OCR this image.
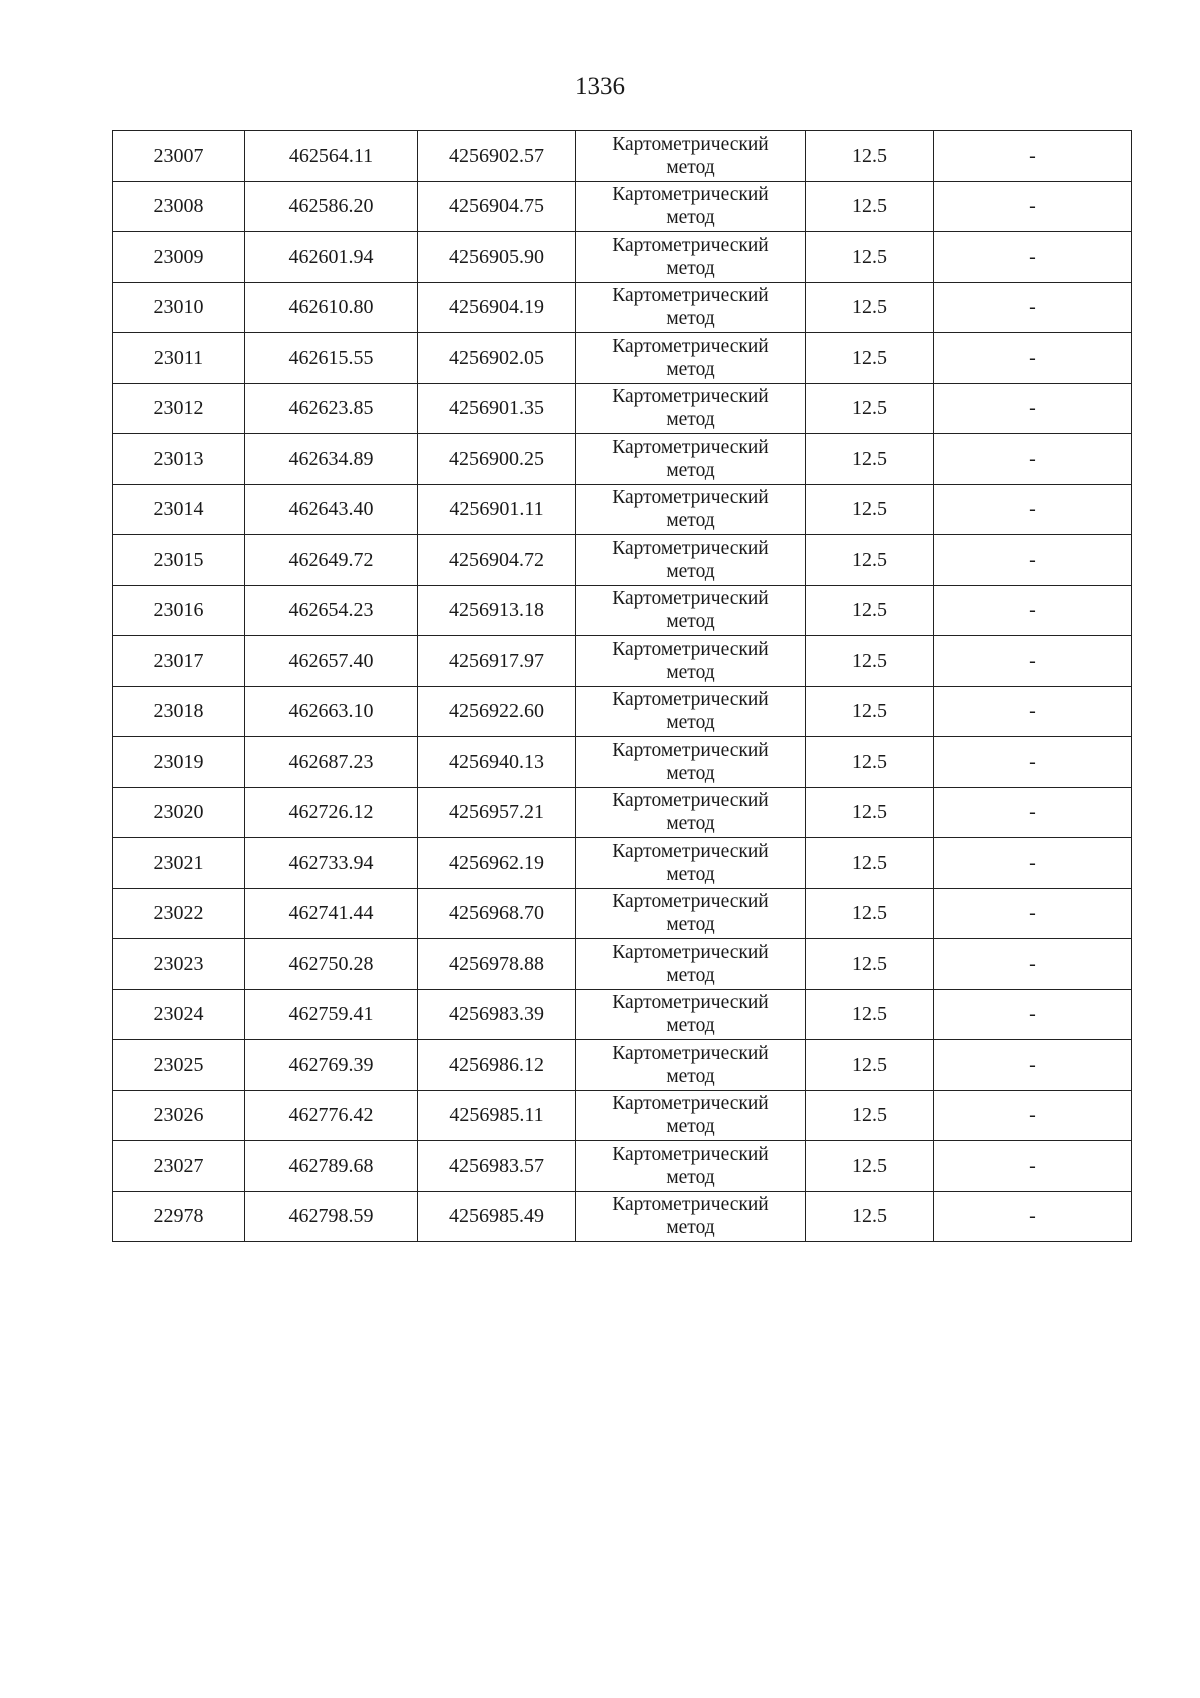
1336
23007	462564.11	4256902.57	Картометрический метод	12.5	-
23008	462586.20	4256904.75	Картометрический метод	12.5	-
23009	462601.94	4256905.90	Картометрический метод	12.5	-
23010	462610.80	4256904.19	Картометрический метод	12.5	-
23011	462615.55	4256902.05	Картометрический метод	12.5	-
23012	462623.85	4256901.35	Картометрический метод	12.5	-
23013	462634.89	4256900.25	Картометрический метод	12.5	-
23014	462643.40	4256901.11	Картометрический метод	12.5	-
23015	462649.72	4256904.72	Картометрический метод	12.5	-
23016	462654.23	4256913.18	Картометрический метод	12.5	-
23017	462657.40	4256917.97	Картометрический метод	12.5	-
23018	462663.10	4256922.60	Картометрический метод	12.5	-
23019	462687.23	4256940.13	Картометрический метод	12.5	-
23020	462726.12	4256957.21	Картометрический метод	12.5	-
23021	462733.94	4256962.19	Картометрический метод	12.5	-
23022	462741.44	4256968.70	Картометрический метод	12.5	-
23023	462750.28	4256978.88	Картометрический метод	12.5	-
23024	462759.41	4256983.39	Картометрический метод	12.5	-
23025	462769.39	4256986.12	Картометрический метод	12.5	-
23026	462776.42	4256985.11	Картометрический метод	12.5	-
23027	462789.68	4256983.57	Картометрический метод	12.5	-
22978	462798.59	4256985.49	Картометрический метод	12.5	-
